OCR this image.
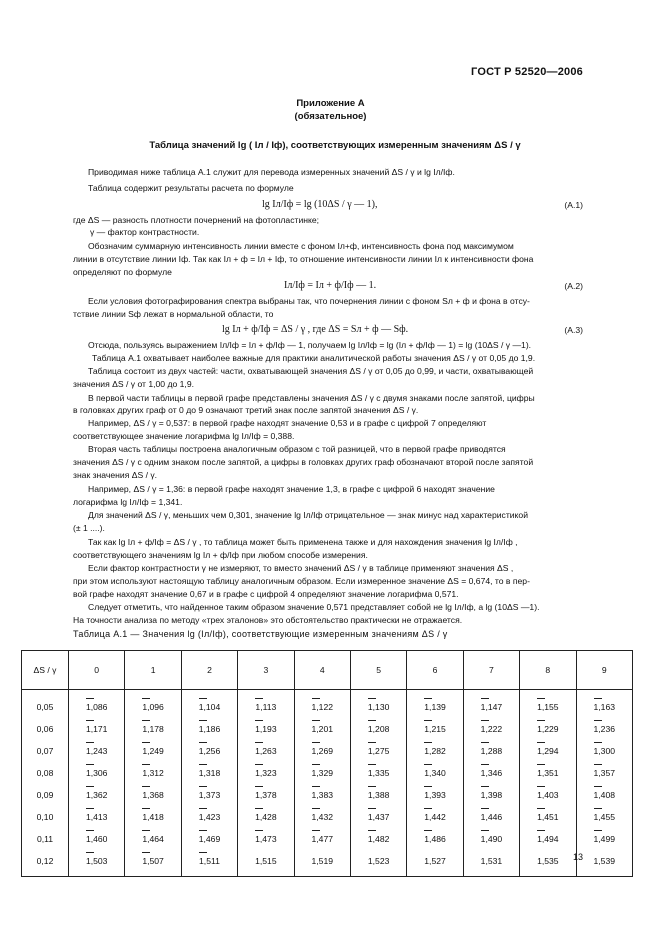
ГОСТ Р 52520—2006
Приложение А
(обязательное)
Таблица значений lg ( Iл / Iф), соответствующих измеренным значениям ΔS / γ
Приводимая ниже таблица А.1 служит для перевода измеренных значений ΔS / γ и lg Iл/Iф.
Таблица содержит результаты расчета по формуле
lg Iл/Iф = lg (10ΔS / γ — 1),	(А.1)
где ΔS — разность плотности почернений на фотопластинке;
γ — фактор контрастности.
Обозначим суммарную интенсивность линии вместе с фоном Iл+ф, интенсивность фона под максимумом
линии в отсутствие линии Iф. Так как Iл + ф = Iл + Iф, то отношение интенсивности линии Iл к интенсивности фона
определяют по формуле
Iл/Iф = Iл + ф/Iф — 1.	(А.2)
Если условия фотографирования спектра выбраны так, что почернения линии с фоном Sл + ф и фона в отсу-
тствие линии Sф лежат в нормальной области, то
lg Iл + ф/Iф = ΔS / γ , где ΔS = Sл + ф — Sф.	(А.3)
Отсюда, пользуясь выражением Iл/Iф = Iл + ф/Iф — 1, получаем lg Iл/Iф = lg (Iл + ф/Iф — 1) = lg (10ΔS / γ —1).
Таблица А.1 охватывает наиболее важные для практики аналитической работы значения ΔS / γ от 0,05 до 1,9.
Таблица состоит из двух частей: части, охватывающей значения ΔS / γ от 0,05 до 0,99, и части, охватывающей
значения ΔS / γ от 1,00 до 1,9.
В первой части таблицы в первой графе представлены значения ΔS / γ с двумя знаками после запятой, цифры
в головках других граф от 0 до 9 означают третий знак после запятой значения ΔS / γ.
Например, ΔS / γ = 0,537: в первой графе находят значение 0,53 и в графе с цифрой 7 определяют
соответствующее значение логарифма lg Iл/Iф = 0,388.
Вторая часть таблицы построена аналогичным образом с той разницей, что в первой графе приводятся
значения ΔS / γ с одним знаком после запятой, а цифры в головках других граф обозначают второй после запятой
знак значения ΔS / γ.
Например, ΔS / γ = 1,36: в первой графе находят значение 1,3, в графе с цифрой 6 находят значение
логарифма lg Iл/Iф = 1,341.
Для значений ΔS / γ, меньших чем 0,301, значение lg Iл/Iф отрицательное — знак минус над характеристикой
(± 1 ....).
Так как lg Iл + ф/Iф = ΔS / γ , то таблица может быть применена также и для нахождения значения lg Iл/Iф ,
соответствующего значениям lg Iл + ф/Iф при любом способе измерения.
Если фактор контрастности γ не измеряют, то вместо значений ΔS / γ в таблице применяют значения ΔS ,
при этом используют настоящую таблицу аналогичным образом. Если измеренное значение ΔS = 0,674, то в пер-
вой графе находят значение 0,67 и в графе с цифрой 4 определяют значение логарифма 0,571.
Следует отметить, что найденное таким образом значение 0,571 представляет собой не lg Iл/Iф, а lg (10ΔS —1).
На точности анализа по методу «трех эталонов» это обстоятельство практически не отражается.
Таблица А.1 — Значения lg (Iл/Iф), соответствующие измеренным значениям ΔS / γ
ΔS / γ	0	1	2	3	4	5	6	7	8	9
0,05	1,086	1,096	1,104	1,113	1,122	1,130	1,139	1,147	1,155	1,163
0,06	1,171	1,178	1,186	1,193	1,201	1,208	1,215	1,222	1,229	1,236
0,07	1,243	1,249	1,256	1,263	1,269	1,275	1,282	1,288	1,294	1,300
0,08	1,306	1,312	1,318	1,323	1,329	1,335	1,340	1,346	1,351	1,357
0,09	1,362	1,368	1,373	1,378	1,383	1,388	1,393	1,398	1,403	1,408
0,10	1,413	1,418	1,423	1,428	1,432	1,437	1,442	1,446	1,451	1,455
0,11	1,460	1,464	1,469	1,473	1,477	1,482	1,486	1,490	1,494	1,499
0,12	1,503	1,507	1,511	1,515	1,519	1,523	1,527	1,531	1,535	1,539
13
